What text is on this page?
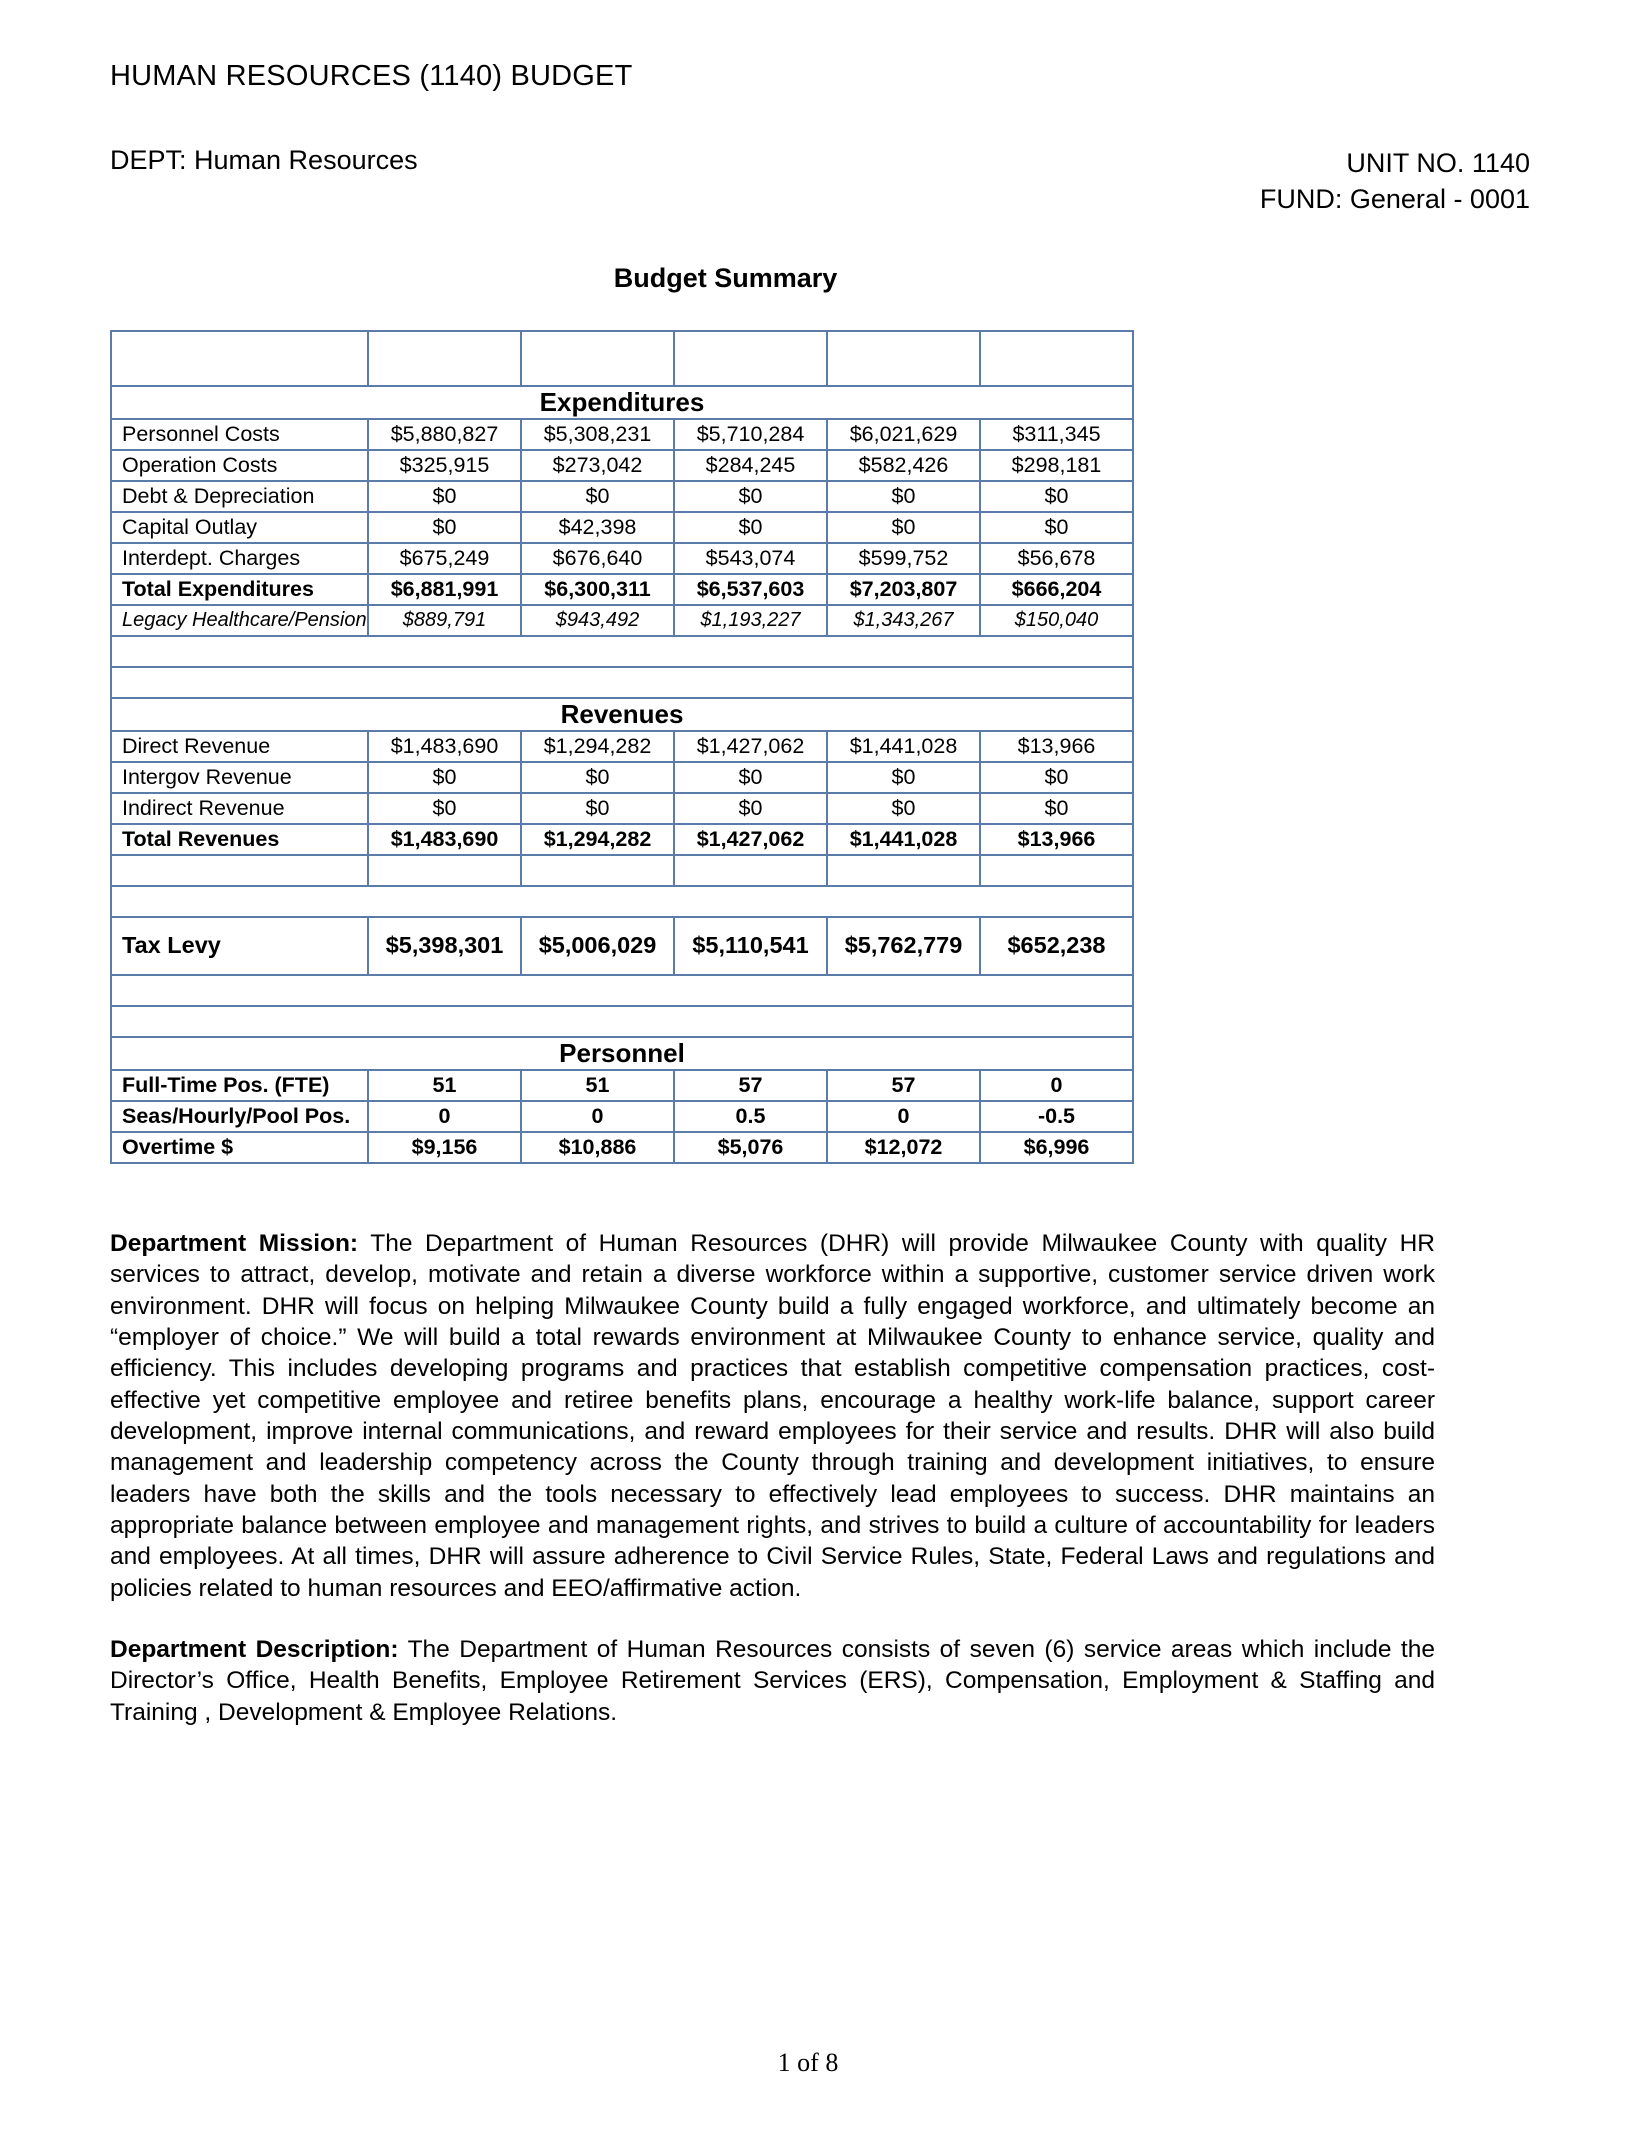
HUMAN RESOURCES (1140) BUDGET
DEPT: Human Resources	UNIT NO. 1140
FUND: General - 0001
Budget Summary
Category	2013 Budget	2013 Actual	2014 Budget	2015 Budget	2015/2014
Variance

Expenditures					
Personnel Costs	$5,880,827	$5,308,231	$5,710,284	$6,021,629	$311,345
Operation Costs	$325,915	$273,042	$284,245	$582,426	$298,181
Debt & Depreciation	$0	$0	$0	$0	$0
Capital Outlay	$0	$42,398	$0	$0	$0
Interdept. Charges	$675,249	$676,640	$543,074	$599,752	$56,678
Total Expenditures	$6,881,991	$6,300,311	$6,537,603	$7,203,807	$666,204
Legacy Healthcare/Pension	$889,791	$943,492	$1,193,227	$1,343,267	$150,040

Revenues					
Direct Revenue	$1,483,690	$1,294,282	$1,427,062	$1,441,028	$13,966
Intergov Revenue	$0	$0	$0	$0	$0
Indirect Revenue	$0	$0	$0	$0	$0
Total Revenues	$1,483,690	$1,294,282	$1,427,062	$1,441,028	$13,966

Tax Levy	$5,398,301	$5,006,029	$5,110,541	$5,762,779	$652,238

Personnel					
Full-Time Pos. (FTE)	51	51	57	57	0
Seas/Hourly/Pool Pos.	0	0	0.5	0	-0.5
Overtime $	$9,156	$10,886	$5,076	$12,072	$6,996

Department Mission: The Department of Human Resources (DHR) will provide Milwaukee County with quality HR services to attract, develop, motivate and retain a diverse workforce within a supportive, customer service driven work environment. DHR will focus on helping Milwaukee County build a fully engaged workforce, and ultimately become an “employer of choice.” We will build a total rewards environment at Milwaukee County to enhance service, quality and efficiency. This includes developing programs and practices that establish competitive compensation practices, cost-effective yet competitive employee and retiree benefits plans, encourage a healthy work-life balance, support career development, improve internal communications, and reward employees for their service and results. DHR will also build management and leadership competency across the County through training and development initiatives, to ensure leaders have both the skills and the tools necessary to effectively lead employees to success. DHR maintains an appropriate balance between employee and management rights, and strives to build a culture of accountability for leaders and employees. At all times, DHR will assure adherence to Civil Service Rules, State, Federal Laws and regulations and policies related to human resources and EEO/affirmative action.

Department Description: The Department of Human Resources consists of seven (6) service areas which include the Director’s Office, Health Benefits, Employee Retirement Services (ERS), Compensation, Employment & Staffing and Training , Development & Employee Relations.

1 of 8
